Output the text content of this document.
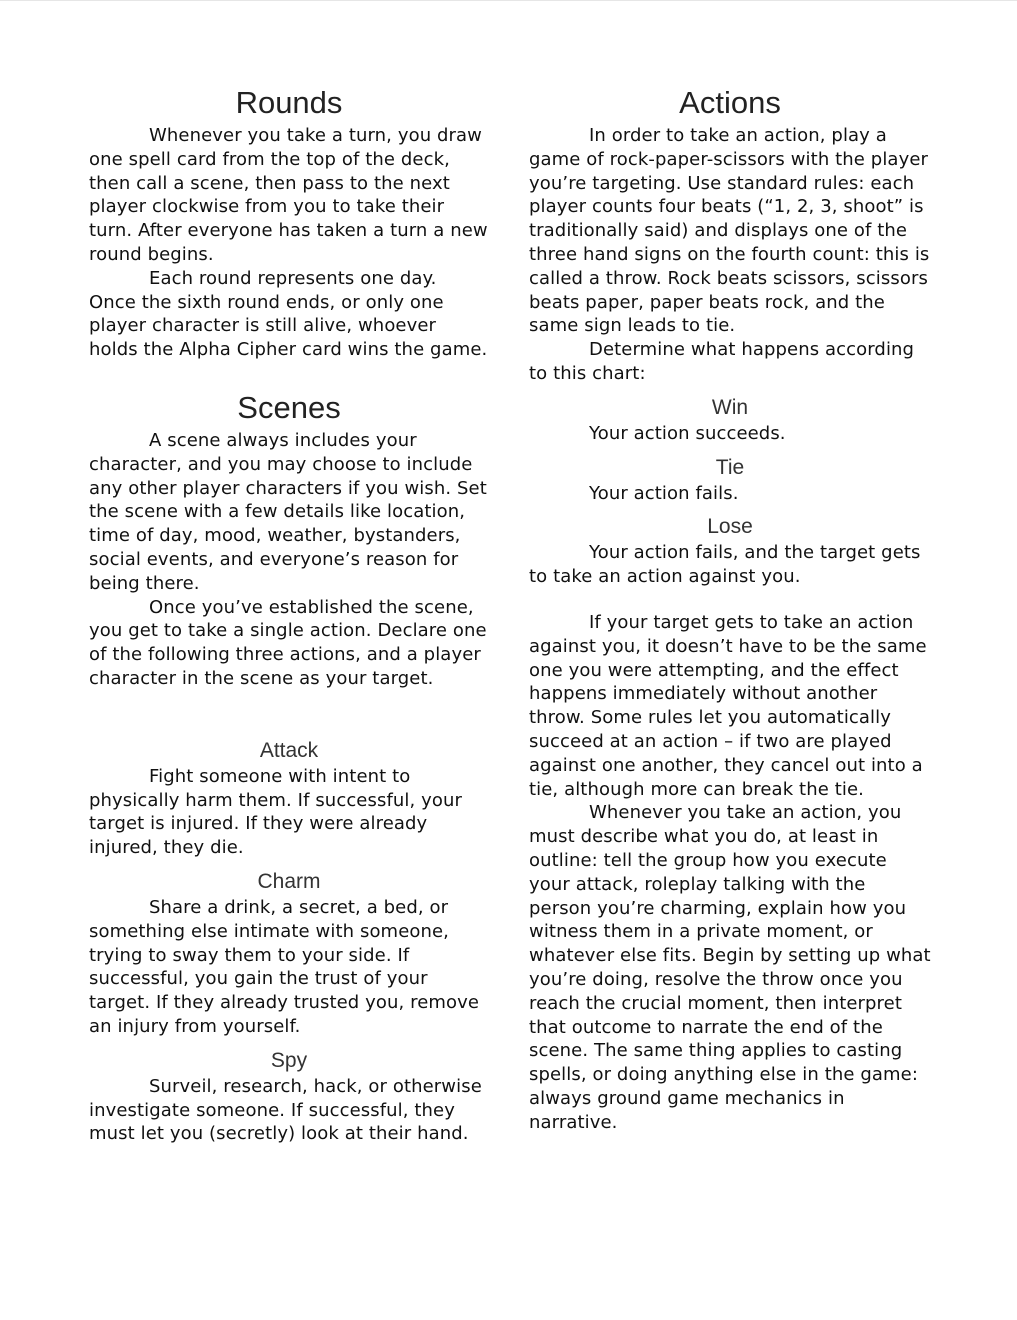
Rounds

Whenever you take a turn, you draw one spell card from the top of the deck, then call a scene, then pass to the next player clockwise from you to take their turn. After everyone has taken a turn a new round begins.

Each round represents one day. Once the sixth round ends, or only one player character is still alive, whoever holds the Alpha Cipher card wins the game.

Scenes

A scene always includes your character, and you may choose to include any other player characters if you wish. Set the scene with a few details like location, time of day, mood, weather, bystanders, social events, and everyone’s reason for being there.

Once you’ve established the scene, you get to take a single action. Declare one of the following three actions, and a player character in the scene as your target.

Attack

Fight someone with intent to physically harm them. If successful, your target is injured. If they were already injured, they die.

Charm

Share a drink, a secret, a bed, or something else intimate with someone, trying to sway them to your side. If successful, you gain the trust of your target. If they already trusted you, remove an injury from yourself.

Spy

Surveil, research, hack, or otherwise investigate someone. If successful, they must let you (secretly) look at their hand.

Actions

In order to take an action, play a game of rock-paper-scissors with the player you’re targeting. Use standard rules: each player counts four beats (“1, 2, 3, shoot” is traditionally said) and displays one of the three hand signs on the fourth count: this is called a throw. Rock beats scissors, scissors beats paper, paper beats rock, and the same sign leads to tie.

Determine what happens according to this chart:

Win

Your action succeeds.

Tie

Your action fails.

Lose

Your action fails, and the target gets to take an action against you.

If your target gets to take an action against you, it doesn’t have to be the same one you were attempting, and the effect happens immediately without another throw. Some rules let you automatically succeed at an action – if two are played against one another, they cancel out into a tie, although more can break the tie.

Whenever you take an action, you must describe what you do, at least in outline: tell the group how you execute your attack, roleplay talking with the person you’re charming, explain how you witness them in a private moment, or whatever else fits. Begin by setting up what you’re doing, resolve the throw once you reach the crucial moment, then interpret that outcome to narrate the end of the scene. The same thing applies to casting spells, or doing anything else in the game: always ground game mechanics in narrative.
